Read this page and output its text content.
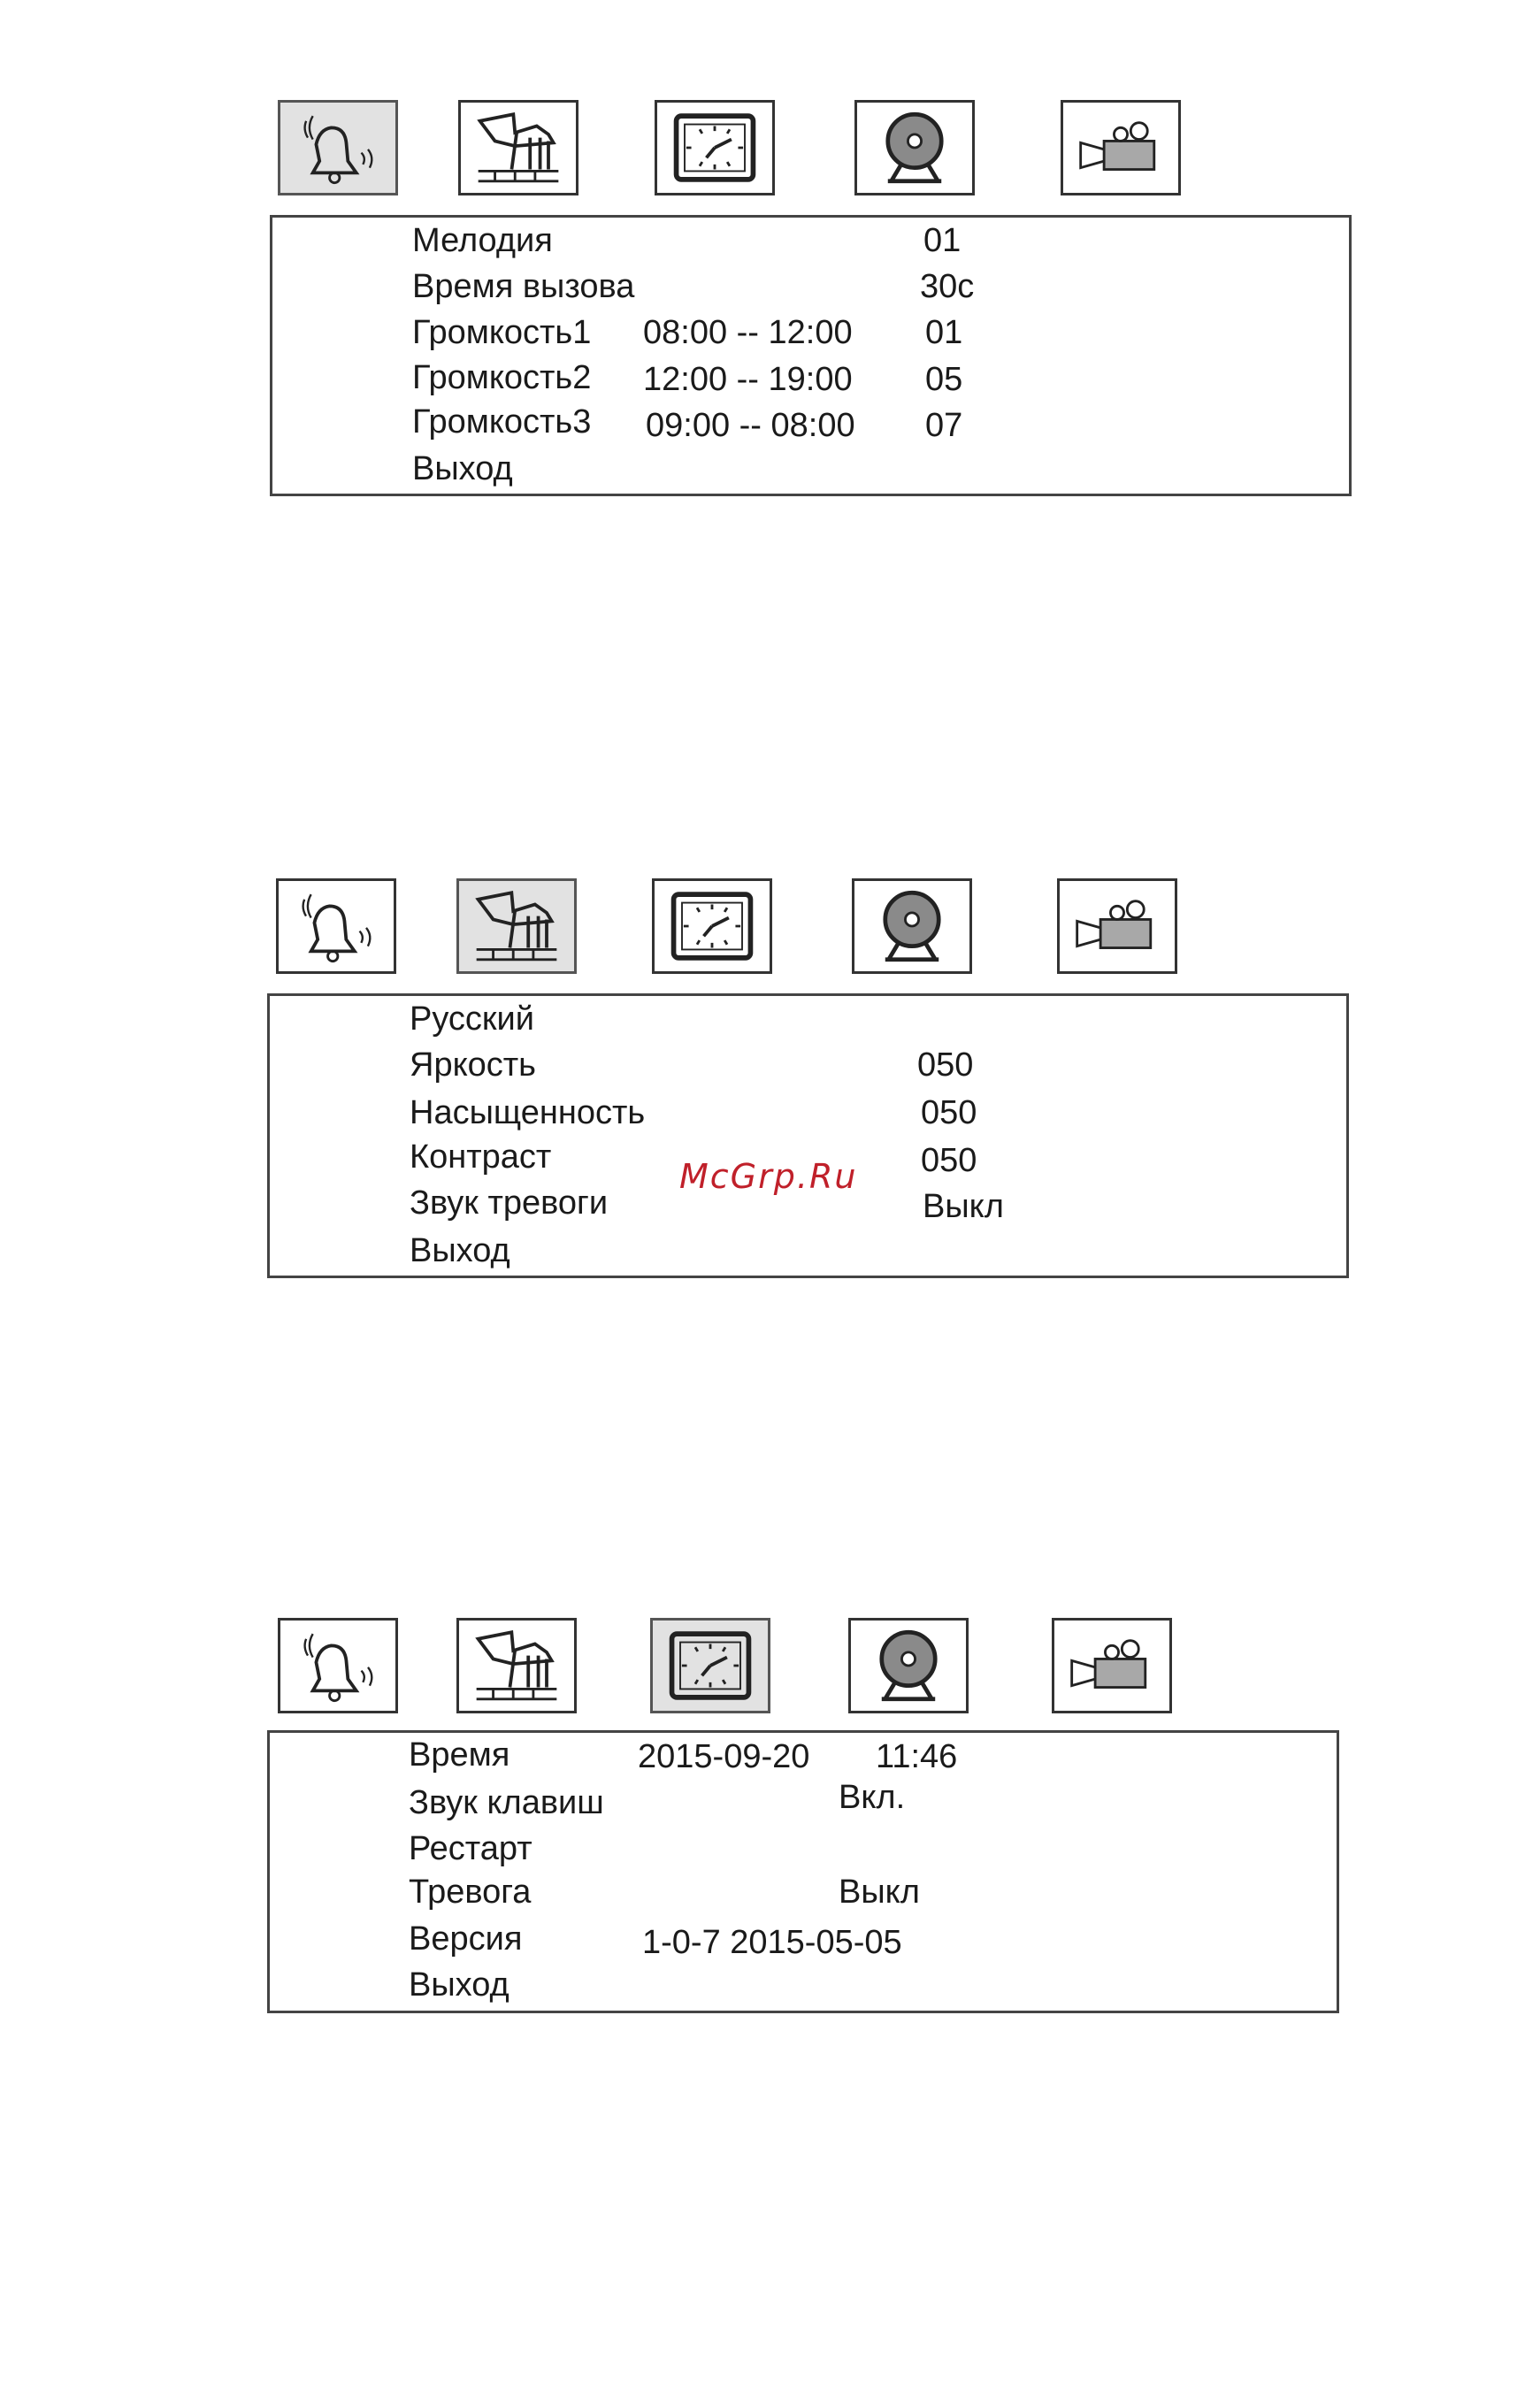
Мелодия	01
Время вызова	30с
Громкость1 08:00 -- 12:00 01
Громкость2 12:00 -- 19:00 05
Громкость3 09:00 -- 08:00 07
Выход
Русский
Яркость	050
Насыщенность	050
Контраст	050
Звук тревоги	Выкл
Выход
McGrp.Ru
Время	2015-09-20 11:46
Звук клавиш	Вкл.
Рестарт
Тревога	Выкл
Версия	1-0-7 2015-05-05
Выход
